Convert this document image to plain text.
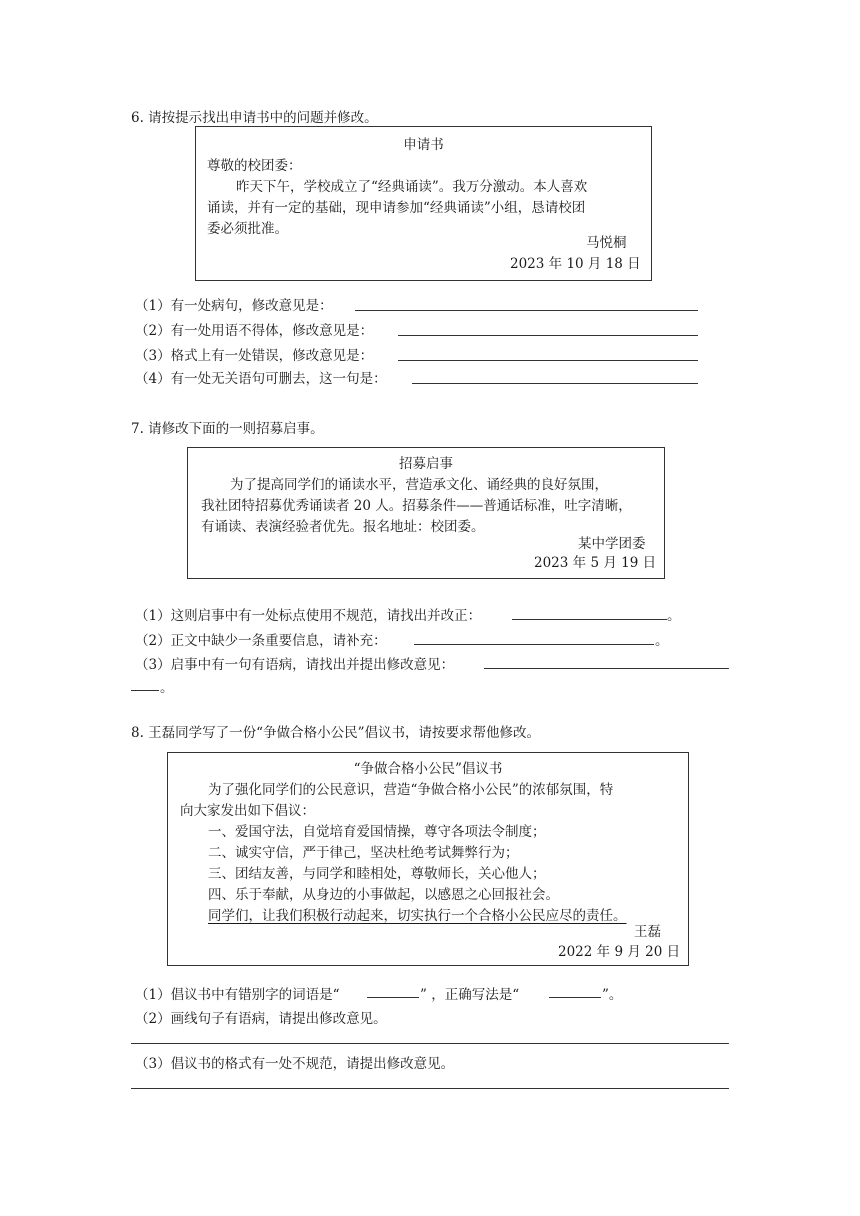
6. 请按提示找出申请书中的问题并修改。
申请书
尊敬的校团委：
昨天下午，学校成立了“经典诵读”。我万分激动。本人喜欢
诵读，并有一定的基础，现申请参加“经典诵读”小组，恳请校团
委必须批准。
马悦桐
2023 年 10 月 18 日
（1）有一处病句，修改意见是：
（2）有一处用语不得体，修改意见是：
（3）格式上有一处错误，修改意见是：
（4）有一处无关语句可删去，这一句是：
7. 请修改下面的一则招募启事。
招募启事
为了提高同学们的诵读水平，营造承文化、诵经典的良好氛围，
我社团特招募优秀诵读者 20 人。招募条件——普通话标准，吐字清晰，
有诵读、表演经验者优先。报名地址：校团委。
某中学团委
2023 年 5 月 19 日
（1）这则启事中有一处标点使用不规范，请找出并改正：	。
（2）正文中缺少一条重要信息，请补充：	。
（3）启事中有一句有语病，请找出并提出修改意见：
。
8. 王磊同学写了一份“争做合格小公民”倡议书，请按要求帮他修改。
“争做合格小公民”倡议书
为了强化同学们的公民意识，营造“争做合格小公民”的浓郁氛围，特
向大家发出如下倡议：
一、爱国守法，自觉培育爱国情操，尊守各项法令制度；
二、诚实守信，严于律己，坚决杜绝考试舞弊行为；
三、团结友善，与同学和睦相处，尊敬师长，关心他人；
四、乐于奉献，从身边的小事做起，以感恩之心回报社会。
同学们，让我们积极行动起来，切实执行一个合格小公民应尽的责任。
王磊
2022 年 9 月 20 日
（1）倡议书中有错别字的词语是“	” ，正确写法是“	”。
（2）画线句子有语病，请提出修改意见。
（3）倡议书的格式有一处不规范，请提出修改意见。
